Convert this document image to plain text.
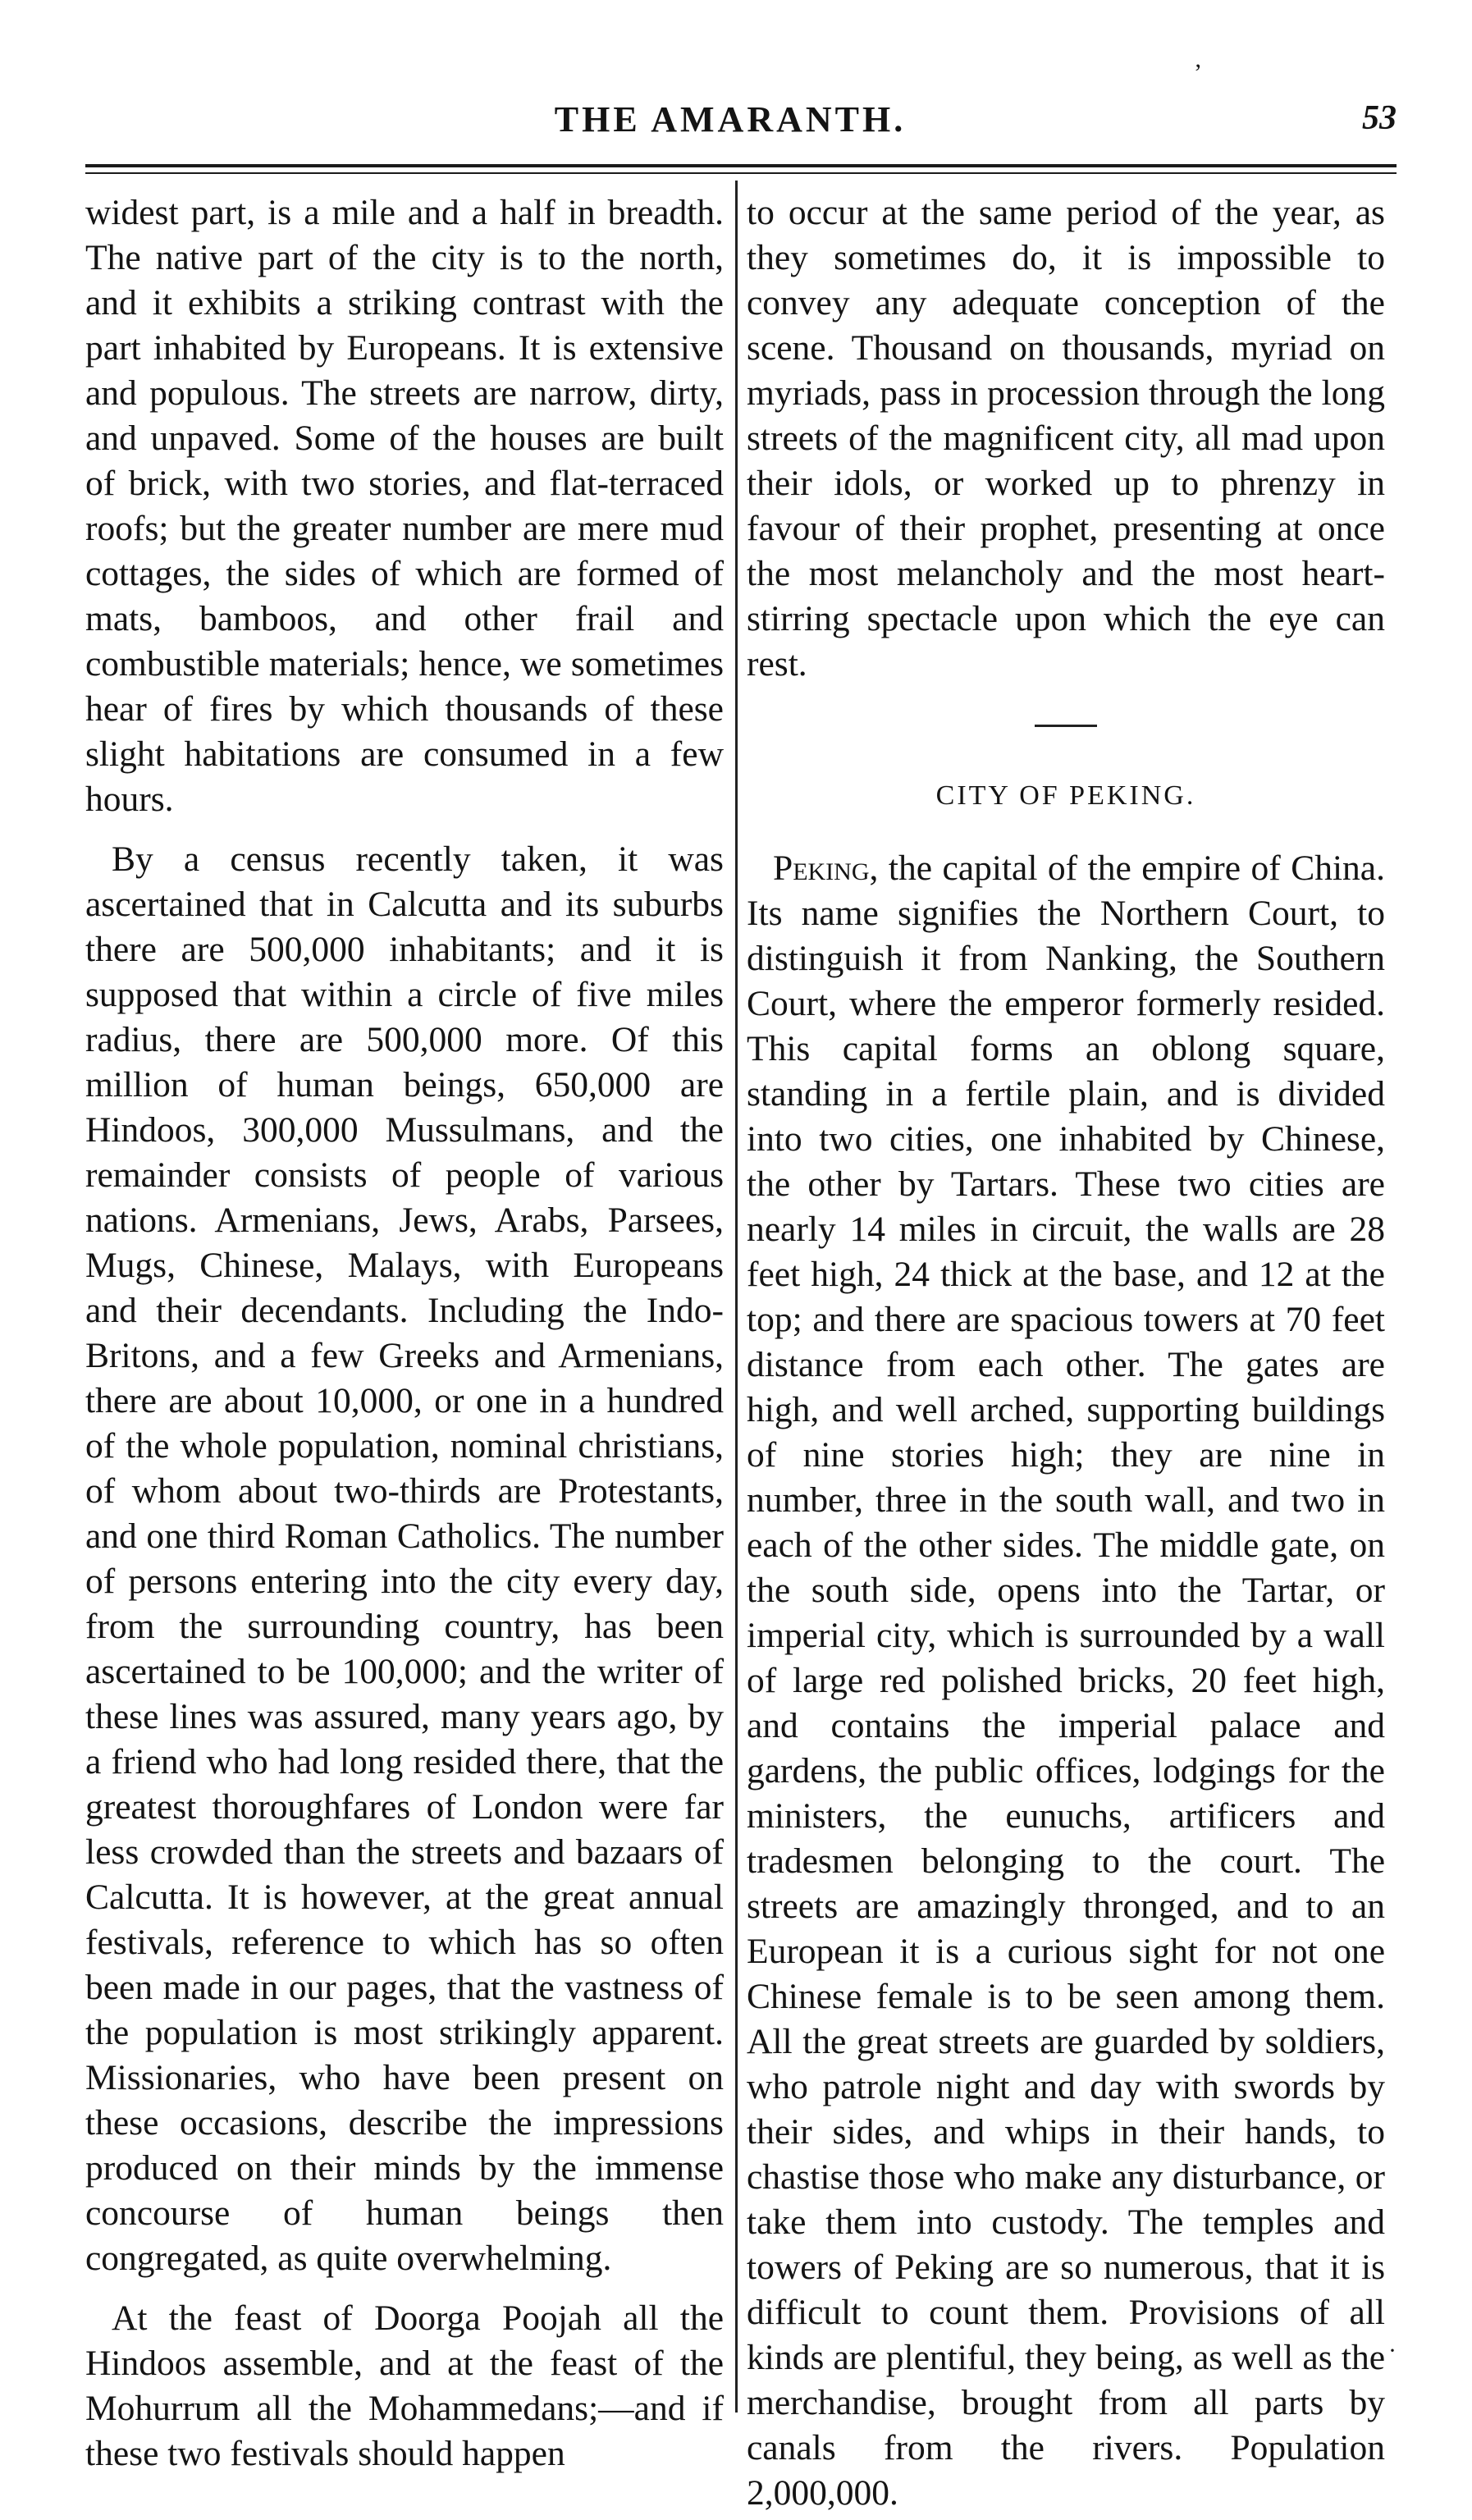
’
THE AMARANTH.	53

widest part, is a mile and a half in breadth. The native part of the city is to the north, and it exhibits a striking contrast with the part inhabited by Europeans. It is extensive and populous. The streets are narrow, dirty, and unpaved. Some of the houses are built of brick, with two stories, and flat-terraced roofs; but the greater number are mere mud cottages, the sides of which are formed of mats, bamboos, and other frail and combustible materials; hence, we sometimes hear of fires by which thousands of these slight habitations are consumed in a few hours.

By a census recently taken, it was ascertained that in Calcutta and its suburbs there are 500,000 inhabitants; and it is supposed that within a circle of five miles radius, there are 500,000 more. Of this million of human beings, 650,000 are Hindoos, 300,000 Mussulmans, and the remainder consists of people of various nations. Armenians, Jews, Arabs, Parsees, Mugs, Chinese, Malays, with Europeans and their decendants. Including the Indo-Britons, and a few Greeks and Armenians, there are about 10,000, or one in a hundred of the whole population, nominal christians, of whom about two-thirds are Protestants, and one third Roman Catholics. The number of persons entering into the city every day, from the surrounding country, has been ascertained to be 100,000; and the writer of these lines was assured, many years ago, by a friend who had long resided there, that the greatest thoroughfares of London were far less crowded than the streets and bazaars of Calcutta. It is however, at the great annual festivals, reference to which has so often been made in our pages, that the vastness of the population is most strikingly apparent. Missionaries, who have been present on these occasions, describe the impressions produced on their minds by the immense concourse of human beings then congregated, as quite overwhelming.

At the feast of Doorga Poojah all the Hindoos assemble, and at the feast of the Mohurrum all the Mohammedans;—and if these two festivals should happen

to occur at the same period of the year, as they sometimes do, it is impossible to convey any adequate conception of the scene. Thousand on thousands, myriad on myriads, pass in procession through the long streets of the magnificent city, all mad upon their idols, or worked up to phrenzy in favour of their prophet, presenting at once the most melancholy and the most heart-stirring spectacle upon which the eye can rest.

CITY OF PEKING.

Peking, the capital of the empire of China. Its name signifies the Northern Court, to distinguish it from Nanking, the Southern Court, where the emperor formerly resided. This capital forms an oblong square, standing in a fertile plain, and is divided into two cities, one inhabited by Chinese, the other by Tartars. These two cities are nearly 14 miles in circuit, the walls are 28 feet high, 24 thick at the base, and 12 at the top; and there are spacious towers at 70 feet distance from each other. The gates are high, and well arched, supporting buildings of nine stories high; they are nine in number, three in the south wall, and two in each of the other sides. The middle gate, on the south side, opens into the Tartar, or imperial city, which is surrounded by a wall of large red polished bricks, 20 feet high, and contains the imperial palace and gardens, the public offices, lodgings for the ministers, the eunuchs, artificers and tradesmen belonging to the court. The streets are amazingly thronged, and to an European it is a curious sight for not one Chinese female is to be seen among them. All the great streets are guarded by soldiers, who patrole night and day with swords by their sides, and whips in their hands, to chastise those who make any disturbance, or take them into custody. The temples and towers of Peking are so numerous, that it is difficult to count them. Provisions of all kinds are plentiful, they being, as well as the merchandise, brought from all parts by canals from the rivers. Population 2,000,000.

·
